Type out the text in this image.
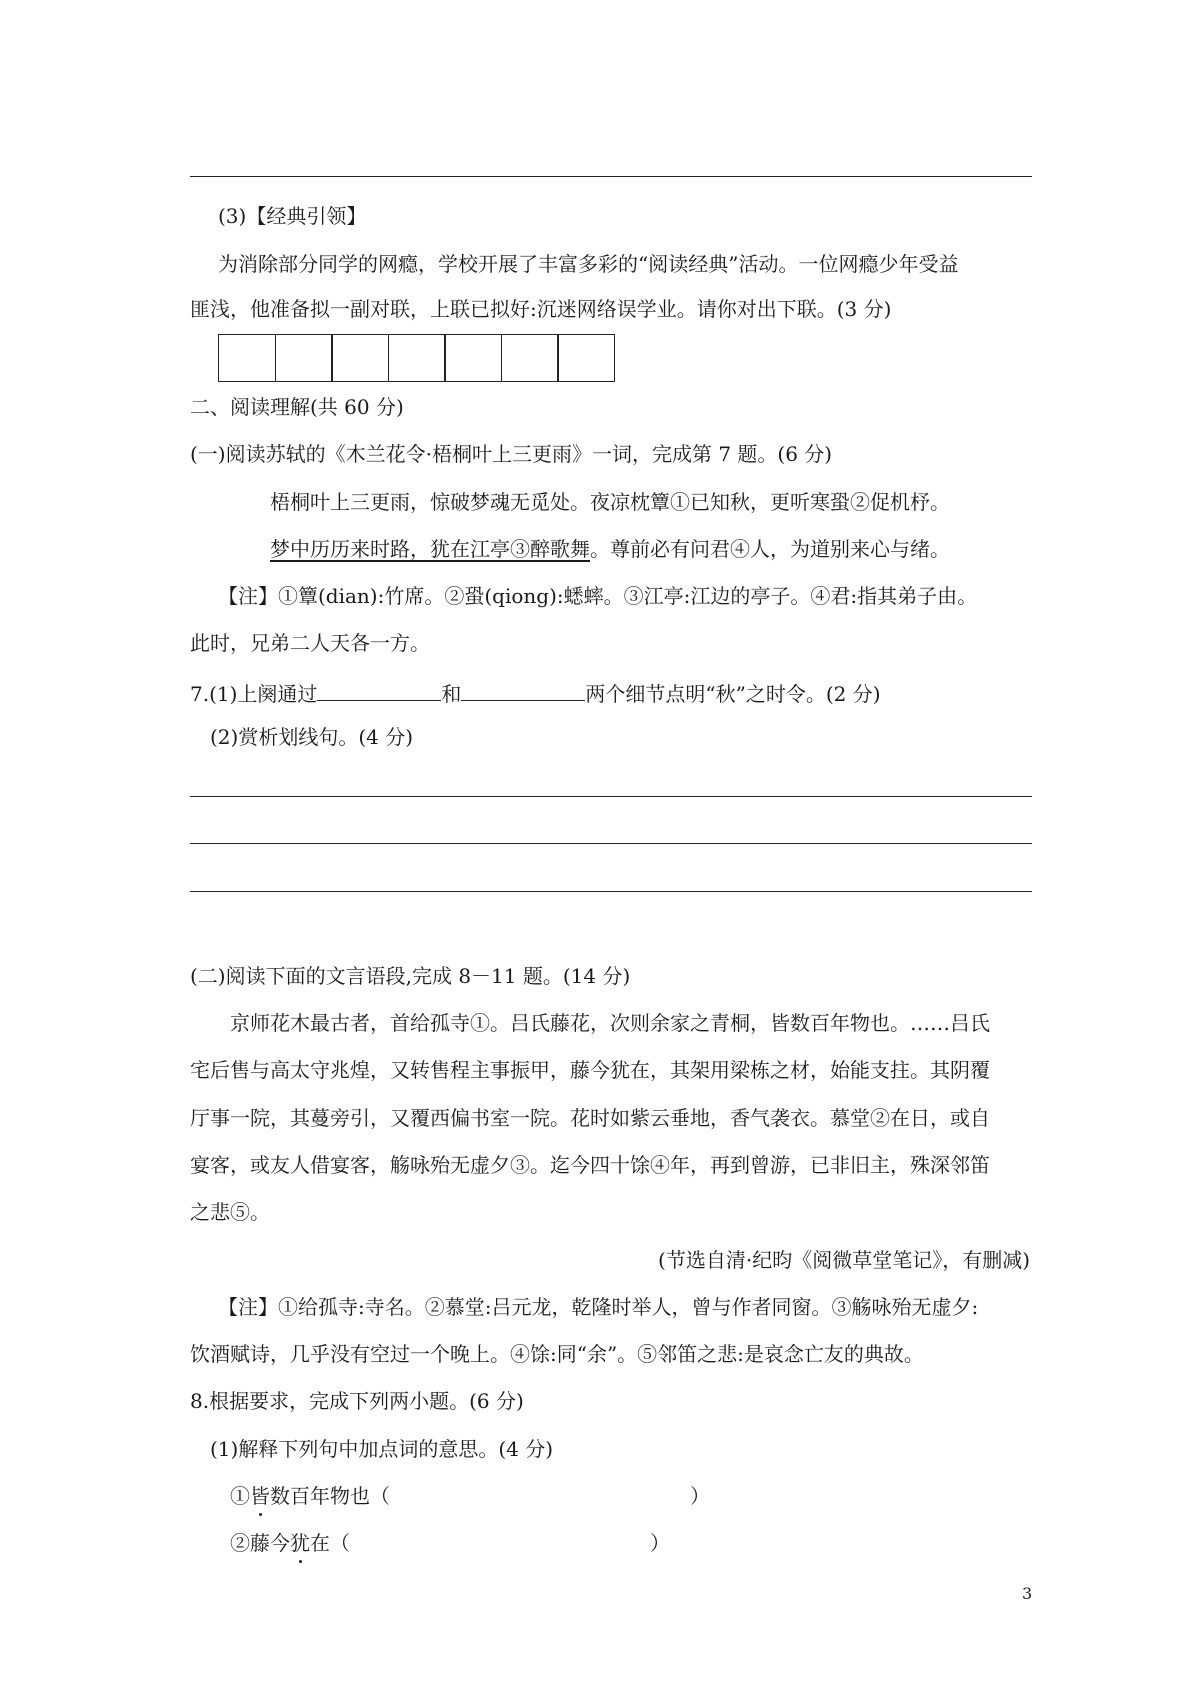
(3)【经典引领】
为消除部分同学的网瘾，学校开展了丰富多彩的“阅读经典”活动。一位网瘾少年受益
匪浅，他准备拟一副对联，上联已拟好:沉迷网络误学业。请你对出下联。(3 分)
二、阅读理解(共 60 分)
(一)阅读苏轼的《木兰花令·梧桐叶上三更雨》一词，完成第 7 题。(6 分)
梧桐叶上三更雨，惊破梦魂无觅处。夜凉枕簟①已知秋，更听寒蛩②促机杼。
梦中历历来时路，犹在江亭③醉歌舞。尊前必有问君④人，为道别来心与绪。
【注】①簟(dian):竹席。②蛩(qiong):蟋蟀。③江亭:江边的亭子。④君:指其弟子由。
此时，兄弟二人天各一方。
7.(1)上阕通过	和	两个细节点明“秋”之时令。(2 分)
(2)赏析划线句。(4 分)
(二)阅读下面的文言语段,完成 8－11 题。(14 分)
京师花木最古者，首给孤寺①。吕氏藤花，次则余家之青桐，皆数百年物也。……吕氏
宅后售与高太守兆煌，又转售程主事振甲，藤今犹在，其架用梁栋之材，始能支拄。其阴覆
厅事一院，其蔓旁引，又覆西偏书室一院。花时如紫云垂地，香气袭衣。慕堂②在日，或自
宴客，或友人借宴客，觞咏殆无虚夕③。迄今四十馀④年，再到曾游，已非旧主，殊深邻笛
之悲⑤。
(节选自清·纪昀《阅微草堂笔记》，有删减)
【注】①给孤寺:寺名。②慕堂:吕元龙，乾隆时举人，曾与作者同窗。③觞咏殆无虚夕:
饮酒赋诗，几乎没有空过一个晚上。④馀:同“余”。⑤邻笛之悲:是哀念亡友的典故。
8.根据要求，完成下列两小题。(6 分)
(1)解释下列句中加点词的意思。(4 分)
①皆数百年物也（	）
②藤今犹在（	）
3
